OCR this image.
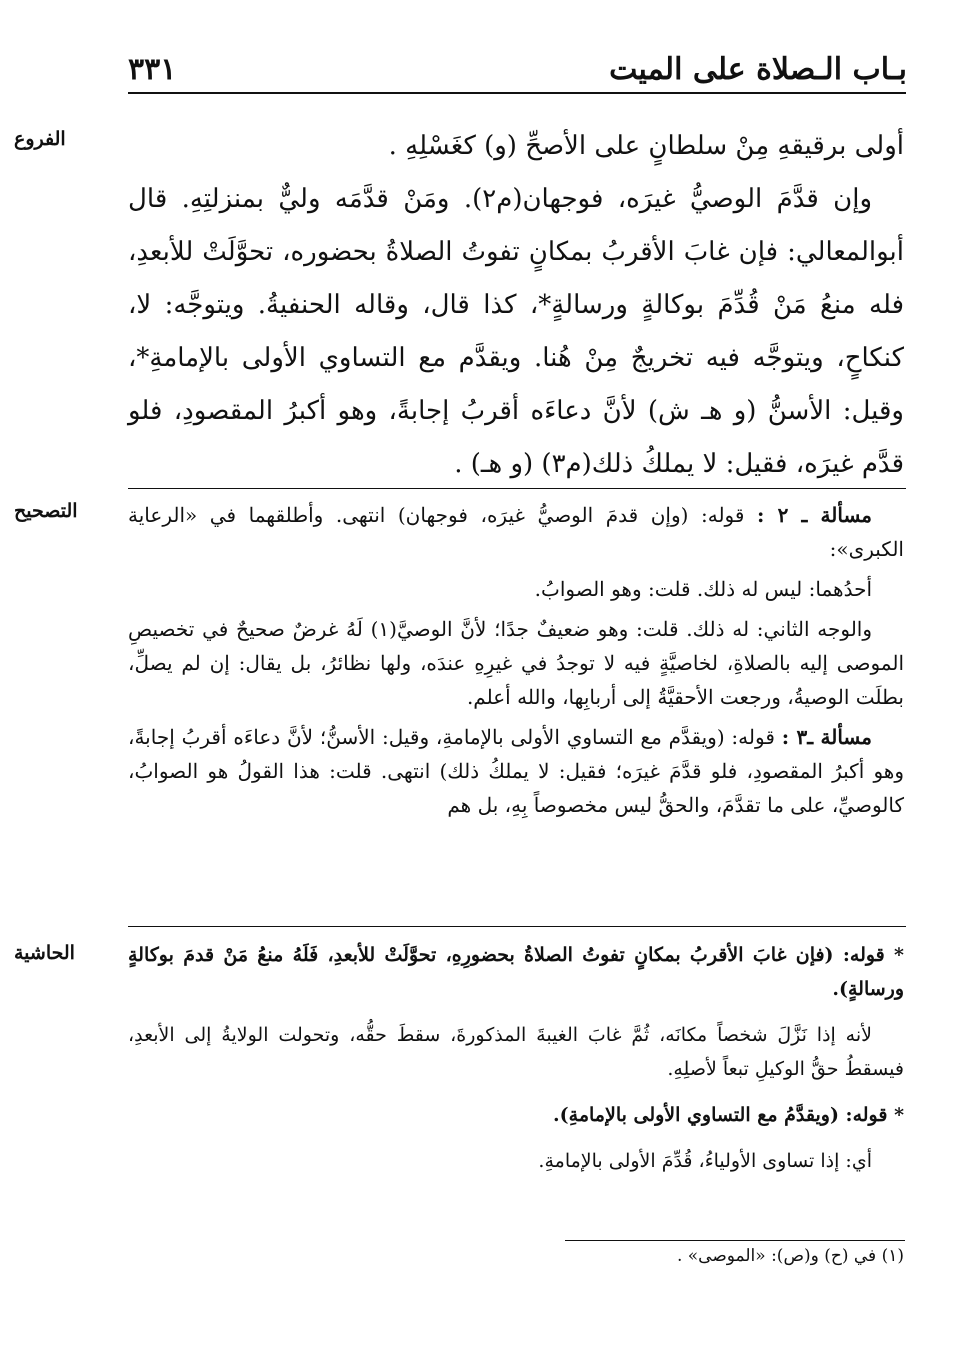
بـاب الـصلاة على الميت
٣٣١
الفروع
التصحيح
الحاشية

أولى برقيقهِ مِنْ سلطانٍ على الأصحِّ (و) كغَسْلِهِ .

وإن قدَّمَ الوصيُّ غيرَه، فوجهان(م٢). ومَنْ قدَّمَه وليٌّ بمنزلتِهِ. قال أبوالمعالي: فإن غابَ الأقربُ بمكانٍ تفوتُ الصلاةُ بحضوره، تحوَّلَتْ للأبعدِ، فله منعُ مَنْ قُدِّمَ بوكالةٍ ورسالةٍ*، كذا قال، وقاله الحنفيةُ. ويتوجَّه: لا، كنكاحٍ، ويتوجَّه فيه تخريجٌ مِنْ هُنا. ويقدَّم مع التساوي الأولى بالإمامةِ*، وقيل: الأسنُّ (و هـ ش) لأنَّ دعاءَه أقربُ إجابةً، وهو أكبرُ المقصودِ، فلو قدَّم غيرَه، فقيل: لا يملكُ ذلك(م٣) (و هـ) .

مسألة ـ ٢ : قوله: (وإن قدمَ الوصيُّ غيرَه، فوجهان) انتهى. وأطلقهما في «الرعاية الكبرى»:

أحدُهما: ليس له ذلك. قلت: وهو الصوابُ.

والوجه الثاني: له ذلك. قلت: وهو ضعيفٌ جدًا؛ لأنَّ الوصيَّ(١) لَهُ غرضٌ صحيحٌ في تخصيصِ الموصى إليه بالصلاةِ، لخاصيَّةٍ فيه لا توجدُ في غيرِهِ عندَه، ولها نظائرُ، بل يقال: إن لم يصلِّ، بطلَت الوصيةُ، ورجعت الأحقيَّةُ إلى أربابِها، والله أعلم.

مسألة ـ٣ : قوله: (ويقدَّم مع التساوي الأولى بالإمامةِ، وقيل: الأسنُّ؛ لأنَّ دعاءَه أقربُ إجابةً، وهو أكبرُ المقصودِ، فلو قدَّمَ غيرَه؛ فقيل: لا يملكُ ذلك) انتهى. قلت: هذا القولُ هو الصوابُ، كالوصيِّ، على ما تقدَّمَ، والحقُّ ليس مخصوصاً بِهِ، بل هم

* قوله: (فإن غابَ الأقربُ بمكانٍ تفوتُ الصلاةُ بحضورِهِ، تحوَّلَتْ للأبعدِ، فَلَهُ منعُ مَنْ قدمَ بوكالةٍ ورسالةٍ).

لأنه إذا نَزَّلَ شخصاً مكانَه، ثُمَّ غابَ الغيبةَ المذكورةَ، سقطَ حقُّه، وتحولت الولايةُ إلى الأبعدِ، فيسقطُ حقُّ الوكيلِ تبعاً لأصلِهِ.

* قوله: (ويقدَّمُ مع التساوي الأولى بالإمامةِ).

أي: إذا تساوى الأولياءُ، قُدِّمَ الأولى بالإمامةِ.

(١) في (ح) و(ص): «الموصى» .
